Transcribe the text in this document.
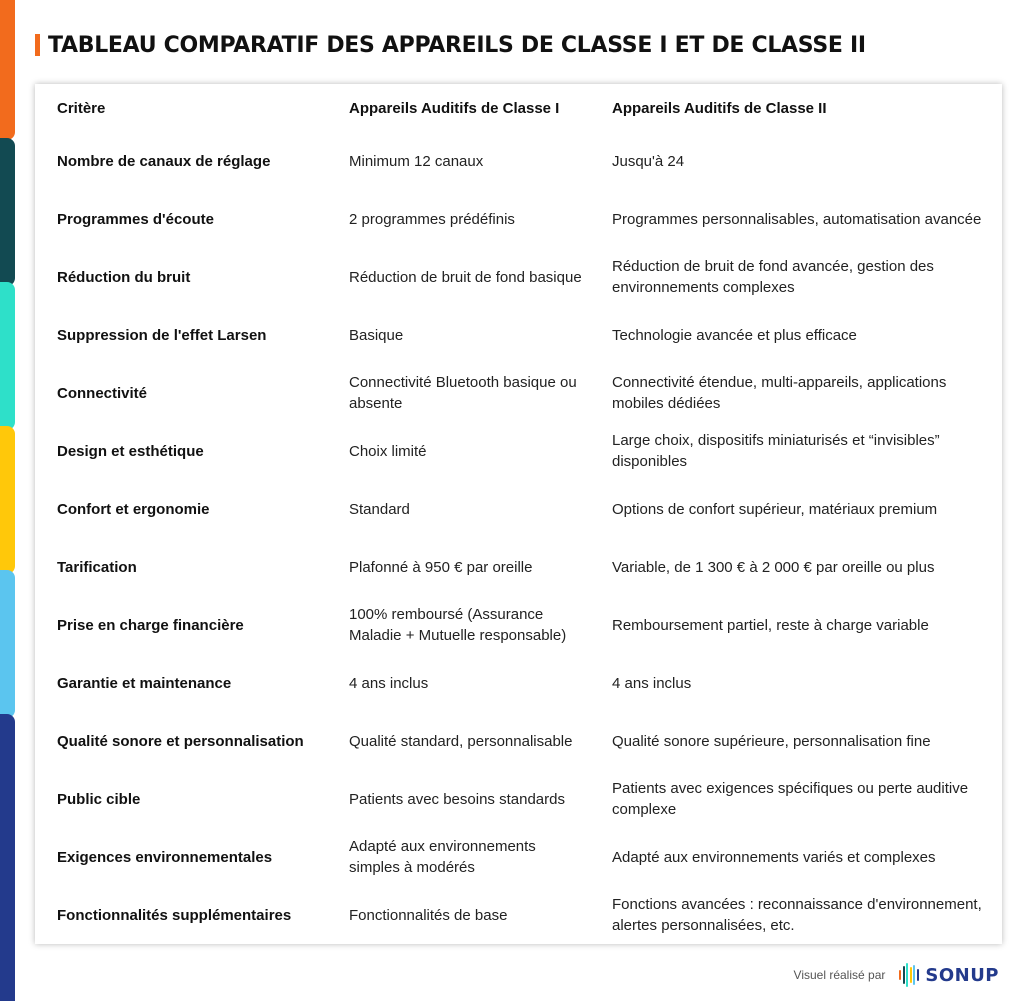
TABLEAU COMPARATIF DES APPAREILS DE CLASSE I ET DE CLASSE II
Critère	Appareils Auditifs de Classe I	Appareils Auditifs de Classe II
Nombre de canaux de réglage	Minimum 12 canaux	Jusqu'à 24
Programmes d'écoute	2 programmes prédéfinis	Programmes personnalisables, automatisation avancée
Réduction du bruit	Réduction de bruit de fond basique	Réduction de bruit de fond avancée, gestion des environnements complexes
Suppression de l'effet Larsen	Basique	Technologie avancée et plus efficace
Connectivité	Connectivité Bluetooth basique ou absente	Connectivité étendue, multi-appareils, applications mobiles dédiées
Design et esthétique	Choix limité	Large choix, dispositifs miniaturisés et “invisibles” disponibles
Confort et ergonomie	Standard	Options de confort supérieur, matériaux premium
Tarification	Plafonné à 950 € par oreille	Variable, de 1 300 € à 2 000 € par oreille ou plus
Prise en charge financière	100% remboursé (Assurance Maladie + Mutuelle responsable)	Remboursement partiel, reste à charge variable
Garantie et maintenance	4 ans inclus	4 ans inclus
Qualité sonore et personnalisation	Qualité standard, personnalisable	Qualité sonore supérieure, personnalisation fine
Public cible	Patients avec besoins standards	Patients avec exigences spécifiques ou perte auditive complexe
Exigences environnementales	Adapté aux environnements simples à modérés	Adapté aux environnements variés et complexes
Fonctionnalités supplémentaires	Fonctionnalités de base	Fonctions avancées : reconnaissance d'environnement, alertes personnalisées, etc.
Visuel réalisé par SONUP
